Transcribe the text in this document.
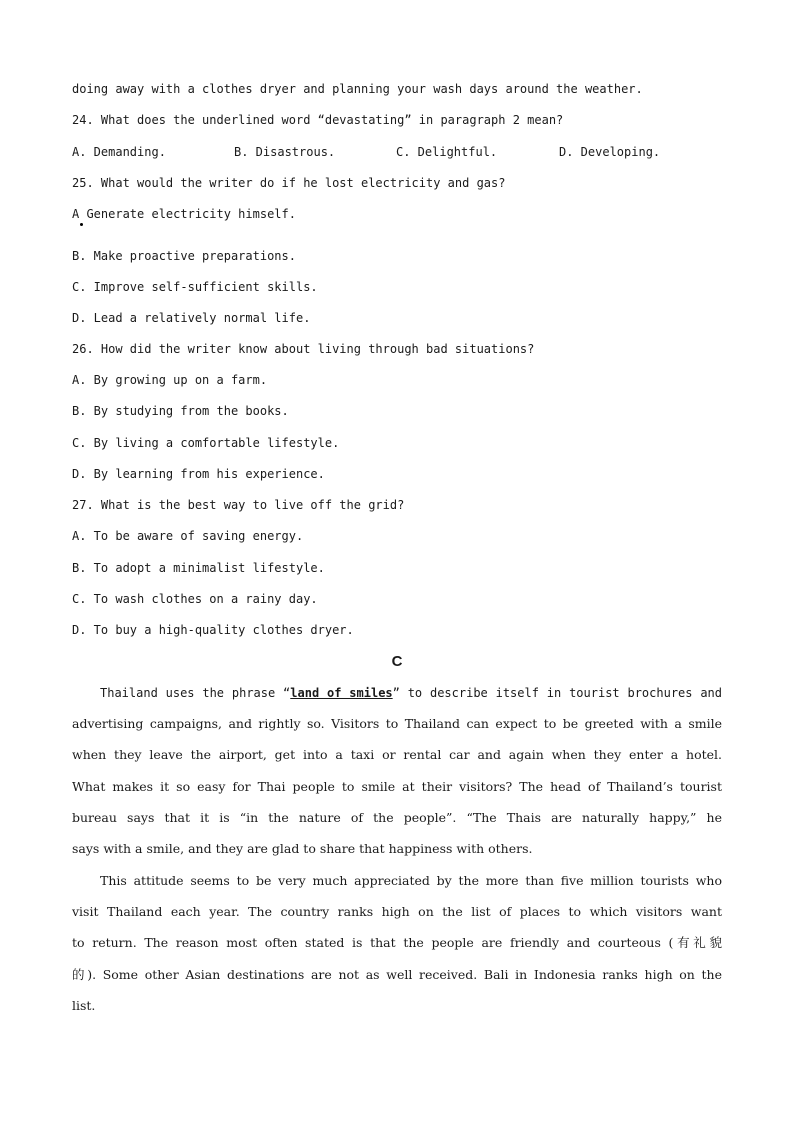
doing away with a clothes dryer and planning your wash days around the weather.
24. What does the underlined word “devastating” in paragraph 2 mean?
A. Demanding.	B. Disastrous.	C. Delightful.	D. Developing.
25. What would the writer do if he lost electricity and gas?
A Generate electricity himself.
B. Make proactive preparations.
C. Improve self-sufficient skills.
D. Lead a relatively normal life.
26. How did the writer know about living through bad situations?
A. By growing up on a farm.
B. By studying from the books.
C. By living a comfortable lifestyle.
D. By learning from his experience.
27. What is the best way to live off the grid?
A. To be aware of saving energy.
B. To adopt a minimalist lifestyle.
C. To wash clothes on a rainy day.
D. To buy a high-quality clothes dryer.
C
Thailand uses the phrase “land of smiles” to describe itself in tourist brochures and
advertising campaigns, and rightly so. Visitors to Thailand can expect to be greeted with a smile
when they leave the airport, get into a taxi or rental car and again when they enter a hotel.
What makes it so easy for Thai people to smile at their visitors? The head of Thailand’s tourist
bureau says that it is “in the nature of the people”. “The Thais are naturally happy,” he
says with a smile, and they are glad to share that happiness with others.
This attitude seems to be very much appreciated by the more than five million tourists who
visit Thailand each year. The country ranks high on the list of places to which visitors want
to return. The reason most often stated is that the people are friendly and courteous (有礼貌
的). Some other Asian destinations are not as well received. Bali in Indonesia ranks high on the
list.
